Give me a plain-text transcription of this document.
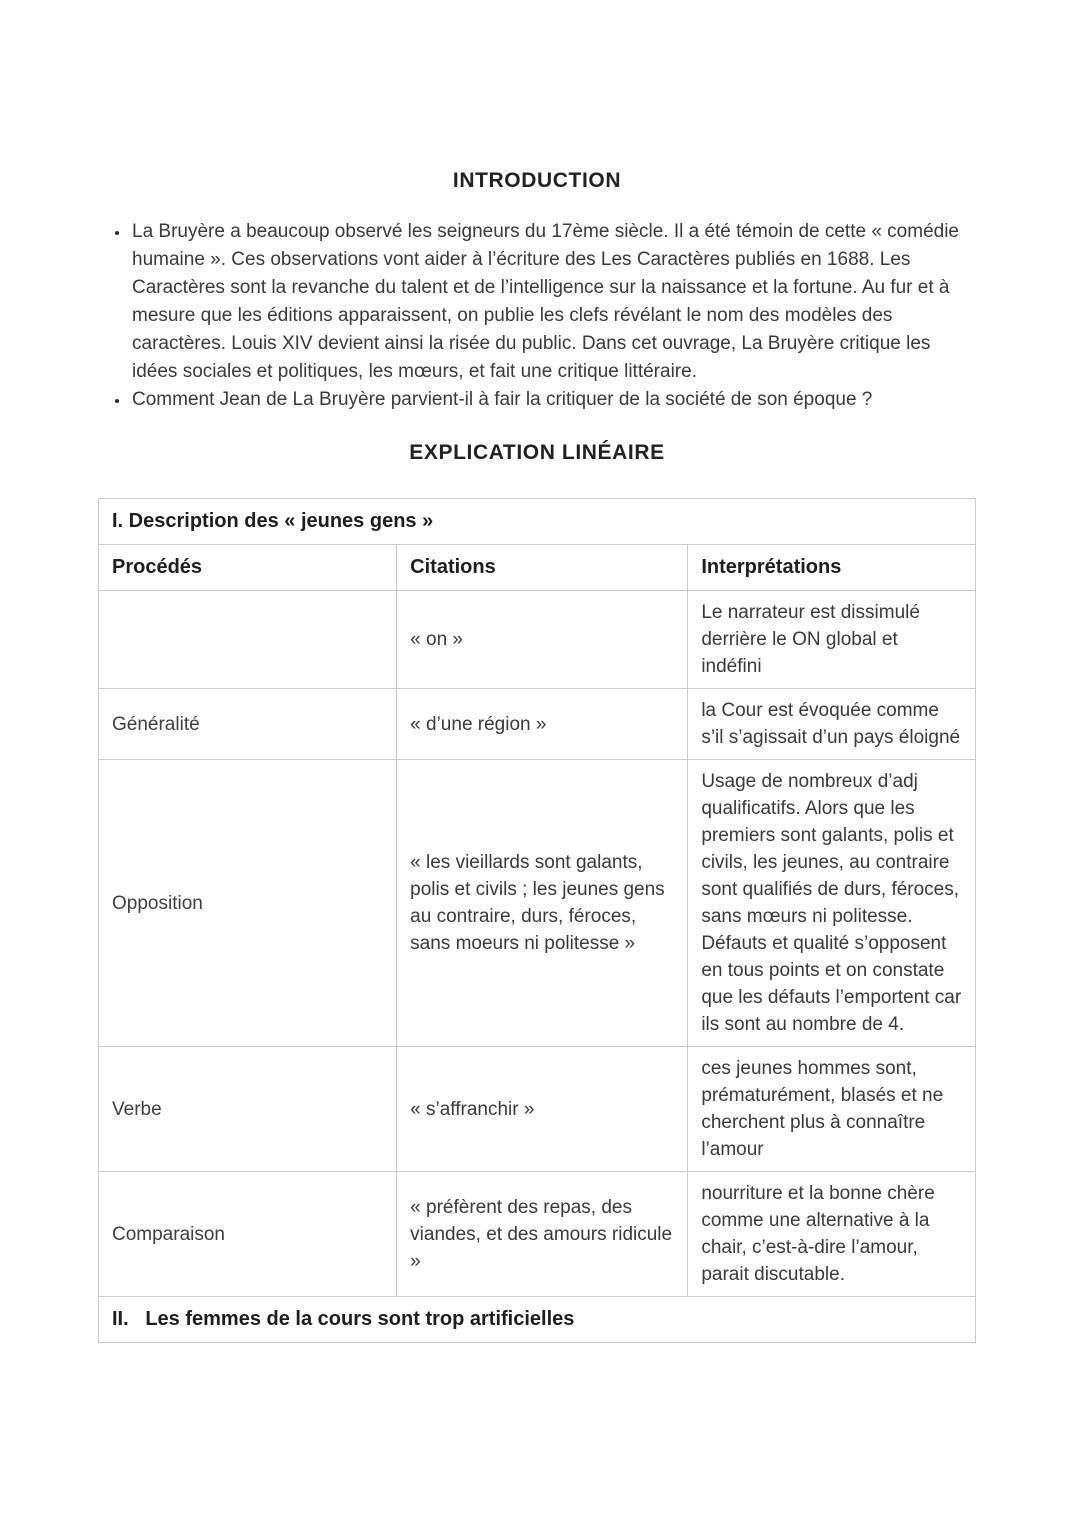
INTRODUCTION
• La Bruyère a beaucoup observé les seigneurs du 17ème siècle. Il a été témoin de cette « comédie humaine ». Ces observations vont aider à l’écriture des Les Caractères publiés en 1688. Les Caractères sont la revanche du talent et de l’intelligence sur la naissance et la fortune. Au fur et à mesure que les éditions apparaissent, on publie les clefs révélant le nom des modèles des caractères. Louis XIV devient ainsi la risée du public. Dans cet ouvrage, La Bruyère critique les idées sociales et politiques, les mœurs, et fait une critique littéraire.
• Comment Jean de La Bruyère parvient-il à fair la critiquer de la société de son époque ?
EXPLICATION LINÉAIRE
I. Description des « jeunes gens »		
Procédés	Citations	Interprétations
	« on »	Le narrateur est dissimulé derrière le ON global et indéfini
Généralité	« d’une région »	la Cour est évoquée comme s’il s’agissait d’un pays éloigné
Opposition	« les vieillards sont galants, polis et civils ; les jeunes gens au contraire, durs, féroces, sans moeurs ni politesse »	Usage de nombreux d’adj qualificatifs. Alors que les premiers sont galants, polis et civils, les jeunes, au contraire sont qualifiés de durs, féroces, sans mœurs ni politesse. Défauts et qualité s’opposent en tous points et on constate que les défauts l’emportent car ils sont au nombre de 4.
Verbe	« s’affranchir »	ces jeunes hommes sont, prématurément, blasés et ne cherchent plus à connaître l’amour
Comparaison	« préfèrent des repas, des viandes, et des amours ridicule »	nourriture et la bonne chère comme une alternative à la chair, c’est-à-dire l’amour, parait discutable.
II.   Les femmes de la cours sont trop artificielles		
